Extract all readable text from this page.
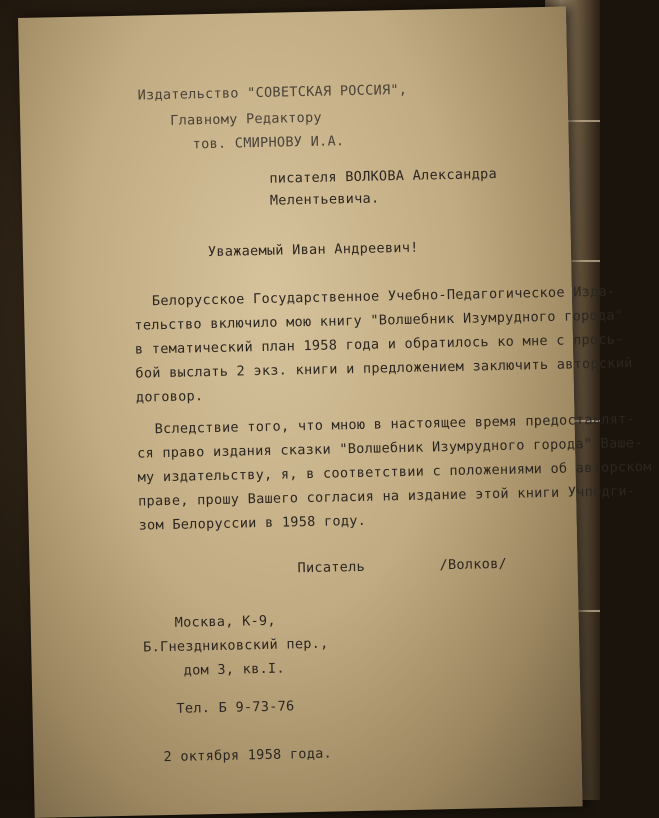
Издательство "СОВЕТСКАЯ РОССИЯ",
Главному Редактору
тов. СМИРНОВУ И.А.
писателя ВОЛКОВА Александра
Мелентьевича.
Уважаемый Иван Андреевич!
Белорусское Государственное Учебно-Педагогическое Изда-
тельство включило мою книгу "Волшебник Изумрудного города"
в тематический план 1958 года и обратилось ко мне с прось-
бой выслать 2 экз. книги и предложением заключить авторский
договор.
Вследствие того, что мною в настоящее время предоставлят-
ся право издания сказки "Волшебник Изумрудного города" Ваше-
му издательству, я, в соответствии с положениями об авторском
праве, прошу Вашего согласия на издание этой книги Учпедги-
зом Белоруссии в 1958 году.
Писатель	/Волков/
Москва, К-9,
Б.Гнездниковский пер.,
дом 3, кв.I.
Тел. Б 9-73-76
2 октября 1958 года.
